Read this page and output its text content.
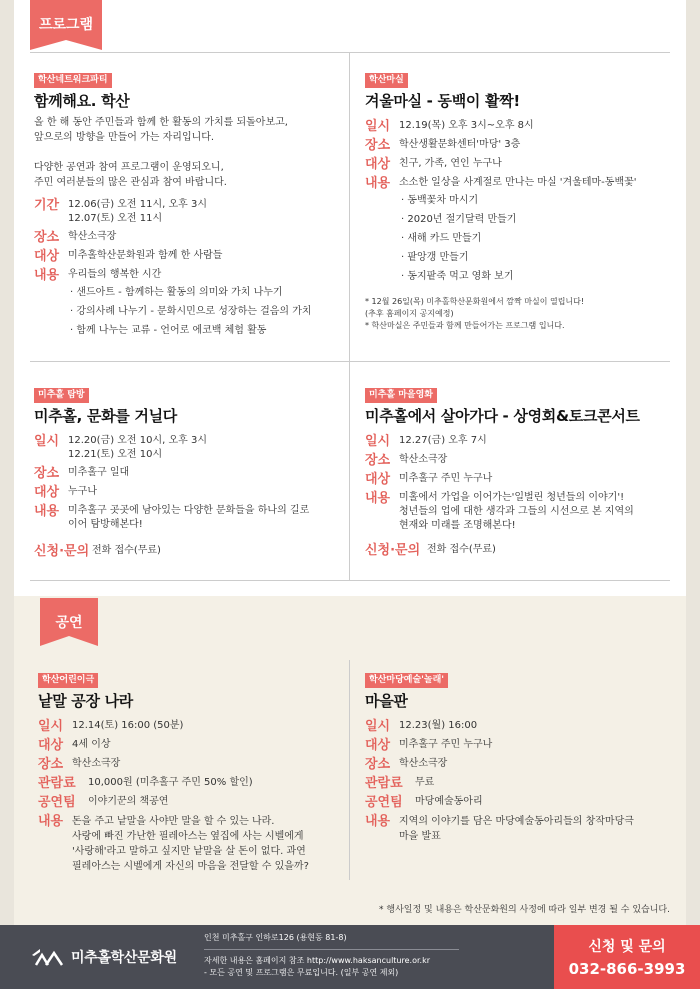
프로그램
학산네트워크파티
함께해요. 학산
올 한 해 동안 주민들과 함께 한 활동의 가치를 되돌아보고,
앞으로의 방향을 만들어 가는 자리입니다.

다양한 공연과 참여 프로그램이 운영되오니,
주민 여러분들의 많은 관심과 참여 바랍니다.
기간 12.06(금) 오전 11시, 오후 3시
12.07(토) 오전 11시
장소 학산소극장
대상 미추홀학산문화원과 함께 한 사람들
내용 우리들의 행복한 시간
· 샌드아트 - 함께하는 활동의 의미와 가치 나누기
· 강의사례 나누기 - 문화시민으로 성장하는 걸음의 가치
· 함께 나누는 교류 - 언어로 에코백 체험 활동
학산마실
겨울마실 - 동백이 활짝!
일시 12.19(목) 오후 3시~오후 8시
장소 학산생활문화센터'마당' 3층
대상 친구, 가족, 연인 누구나
내용 소소한 일상을 사계절로 만나는 마실 '겨울테마-동백꽃'
· 동백꽃차 마시기
· 2020년 절기달력 만들기
· 새해 카드 만들기
· 팥앙갱 만들기
· 동지팥죽 먹고 영화 보기
* 12월 26일(목) 미추홀학산문화원에서 깜짝 마실이 열립니다!
(추후 홈페이지 공지예정)
* 학산마실은 주민들과 함께 만들어가는 프로그램 입니다.
미추홀 탐방
미추홀, 문화를 거닐다
일시 12.20(금) 오전 10시, 오후 3시
12.21(토) 오전 10시
장소 미추홀구 일대
대상 누구나
내용 미추홀구 곳곳에 남아있는 다양한 문화들을 하나의 길로
이어 탐방해본다!
신청·문의 전화 접수(무료)
미추홀 마을영화
미추홀에서 살아가다 - 상영회&토크콘서트
일시 12.27(금) 오후 7시
장소 학산소극장
대상 미추홀구 주민 누구나
내용 미홀에서 가업을 이어가는'일벌린 청년들의 이야기'!
청년들의 업에 대한 생각과 그들의 시선으로 본 지역의
현재와 미래를 조명해본다!
신청·문의 전화 접수(무료)
공연
학산어린이극
낱말 공장 나라
일시 12.14(토) 16:00 (50분)
대상 4세 이상
장소 학산소극장
관람료	10,000원 (미추홀구 주민 50% 할인)
공연팀	이야기꾼의 책공연
내용 돈을 주고 낱말을 사야만 말을 할 수 있는 나라.
사랑에 빠진 가난한 필레아스는 옆집에 사는 시벨에게
'사랑해'라고 말하고 싶지만 낱말을 살 돈이 없다. 과연
필레아스는 시벨에게 자신의 마음을 전달할 수 있을까?
학산마당예술'놀래'
마을판
일시 12.23(월) 16:00
대상 미추홀구 주민 누구나
장소 학산소극장
관람료	무료
공연팀	마당예술동아리
내용 지역의 이야기를 담은 마당예술동아리들의 창작마당극
마을 발표
* 행사일정 및 내용은 학산문화원의 사정에 따라 일부 변경 될 수 있습니다.
미추홀학산문화원
인천 미추홀구 인하로126 (용현동 81-8)
자세한 내용은 홈페이지 참조 http://www.haksanculture.or.kr
- 모든 공연 및 프로그램은 무료입니다. (일부 공연 제외)
신청 및 문의
032-866-3993
